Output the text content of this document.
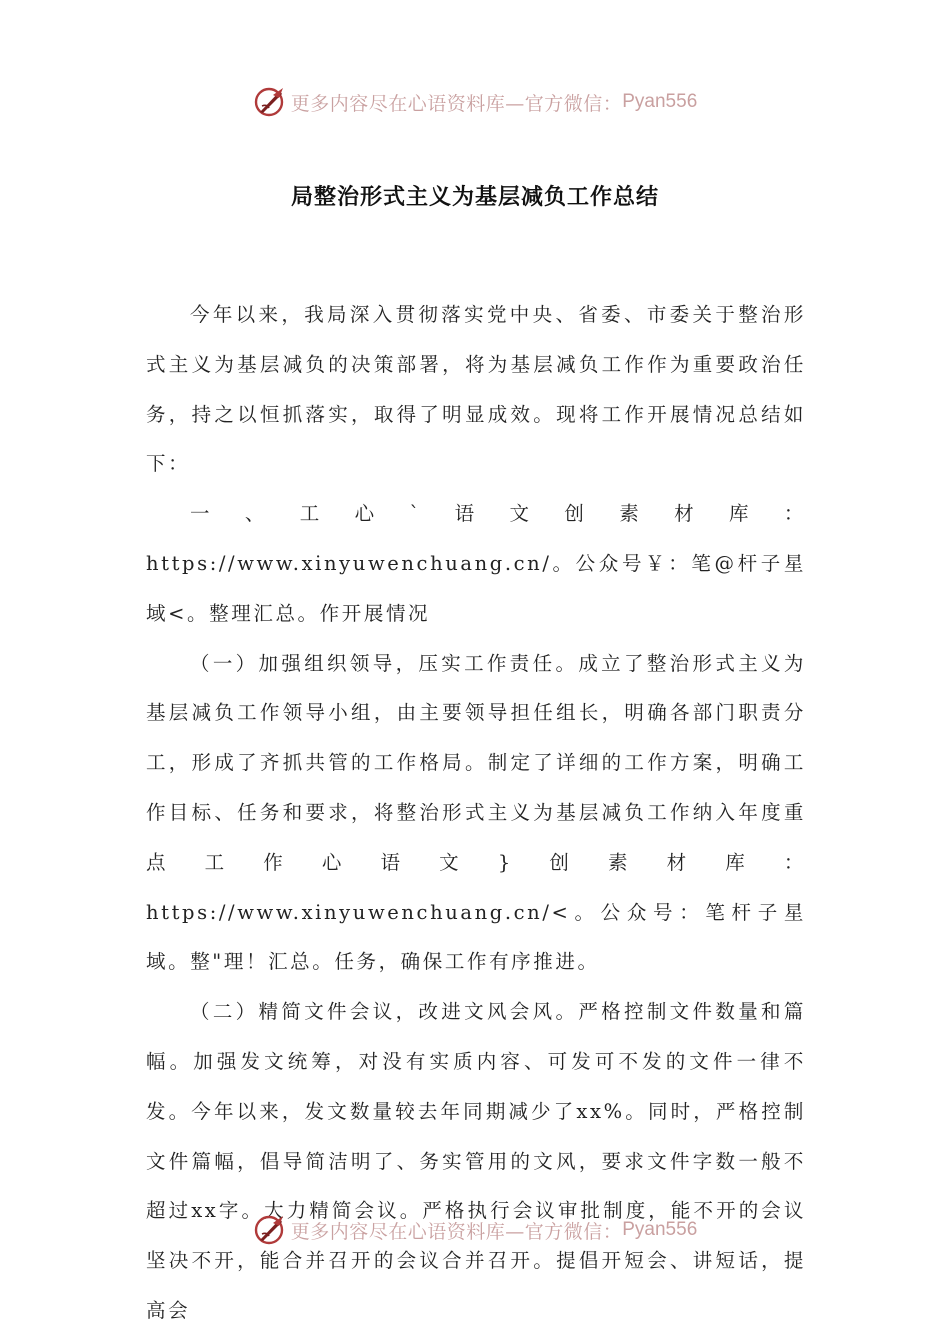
更多内容尽在心语资料库—官方微信： Pyan556
局整治形式主义为基层减负工作总结

今年以来，我局深入贯彻落实党中央、省委、市委关于整治形式主义为基层减负的决策部署，将为基层减负工作作为重要政治任务，持之以恒抓落实，取得了明显成效。现将工作开展情况总结如下：

一、工心`语文创素材库：https://www.xinyuwenchuang.cn/。公众号￥：笔@杆子星域<。整理汇总。作开展情况

（一）加强组织领导，压实工作责任。成立了整治形式主义为基层减负工作领导小组，由主要领导担任组长，明确各部门职责分工，形成了齐抓共管的工作格局。制定了详细的工作方案，明确工作目标、任务和要求，将整治形式主义为基层减负工作纳入年度重点工作心语文}创素材库：https://www.xinyuwenchuang.cn/<。公众号：笔杆子星域。整"理！汇总。任务，确保工作有序推进。

（二）精简文件会议，改进文风会风。严格控制文件数量和篇幅。加强发文统筹，对没有实质内容、可发可不发的文件一律不发。今年以来，发文数量较去年同期减少了xx%。同时，严格控制文件篇幅，倡导简洁明了、务实管用的文风，要求文件字数一般不超过xx字。大力精简会议。严格执行会议审批制度，能不开的会议坚决不开，能合并召开的会议合并召开。提倡开短会、讲短话，提高会

更多内容尽在心语资料库—官方微信： Pyan556
